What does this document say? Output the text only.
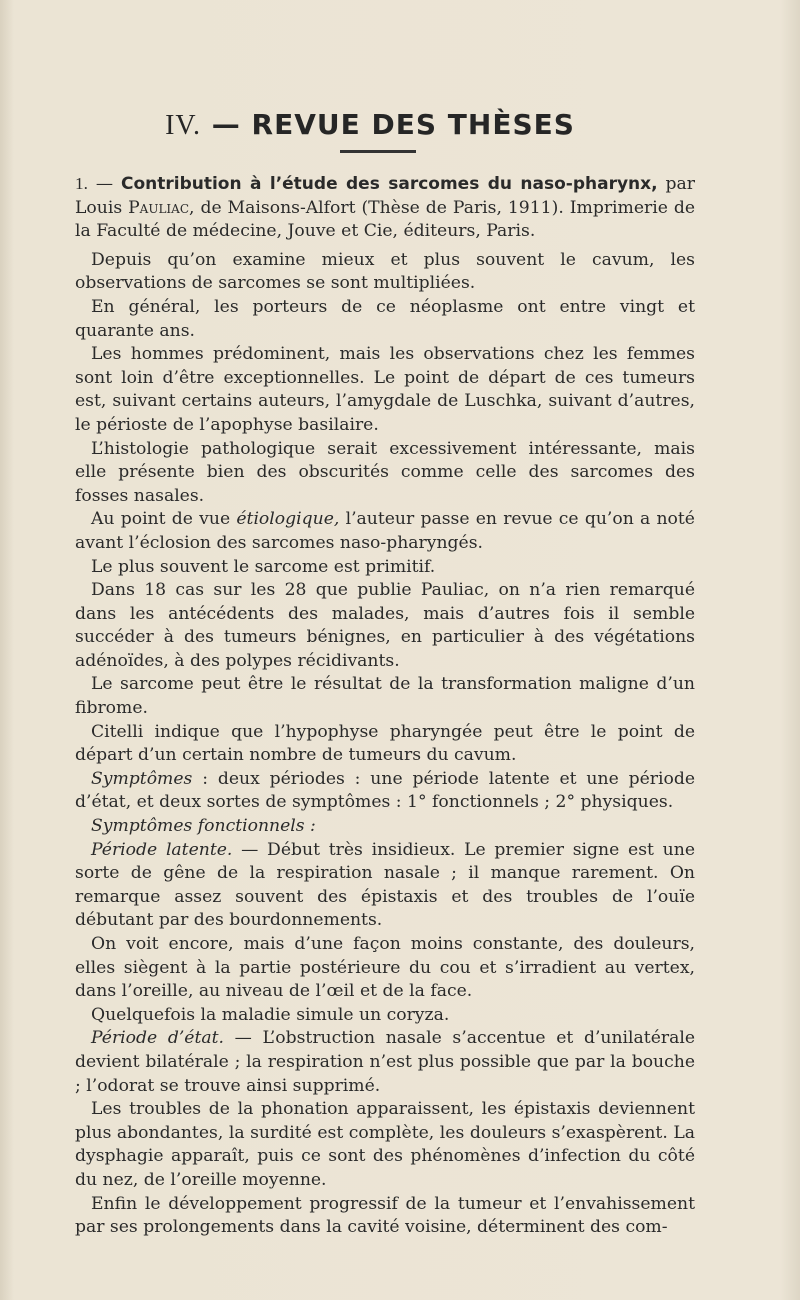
IV. — REVUE DES THÈSES

1. — Contribution à l’étude des sarcomes du naso-pharynx, par Louis Pauliac, de Maisons-Alfort (Thèse de Paris, 1911). Imprimerie de la Faculté de médecine, Jouve et Cie, éditeurs, Paris.

Depuis qu’on examine mieux et plus souvent le cavum, les observations de sarcomes se sont multipliées.

En général, les porteurs de ce néoplasme ont entre vingt et quarante ans.

Les hommes prédominent, mais les observations chez les femmes sont loin d’être exceptionnelles. Le point de départ de ces tumeurs est, suivant certains auteurs, l’amygdale de Luschka, suivant d’autres, le périoste de l’apophyse basilaire.

L’histologie pathologique serait excessivement intéressante, mais elle présente bien des obscurités comme celle des sarcomes des fosses nasales.

Au point de vue étiologique, l’auteur passe en revue ce qu’on a noté avant l’éclosion des sarcomes naso-pharyngés.

Le plus souvent le sarcome est primitif.

Dans 18 cas sur les 28 que publie Pauliac, on n’a rien remarqué dans les antécédents des malades, mais d’autres fois il semble succéder à des tumeurs bénignes, en particulier à des végétations adénoïdes, à des polypes récidivants.

Le sarcome peut être le résultat de la transformation maligne d’un fibrome.

Citelli indique que l’hypophyse pharyngée peut être le point de départ d’un certain nombre de tumeurs du cavum.

Symptômes : deux périodes : une période latente et une période d’état, et deux sortes de symptômes : 1° fonctionnels ; 2° physiques.

Symptômes fonctionnels :

Période latente. — Début très insidieux. Le premier signe est une sorte de gêne de la respiration nasale ; il manque rarement. On remarque assez souvent des épistaxis et des troubles de l’ouïe débutant par des bourdonnements.

On voit encore, mais d’une façon moins constante, des douleurs, elles siègent à la partie postérieure du cou et s’irradient au vertex, dans l’oreille, au niveau de l’œil et de la face.

Quelquefois la maladie simule un coryza.

Période d’état. — L’obstruction nasale s’accentue et d’unilatérale devient bilatérale ; la respiration n’est plus possible que par la bouche ; l’odorat se trouve ainsi supprimé.

Les troubles de la phonation apparaissent, les épistaxis deviennent plus abondantes, la surdité est complète, les douleurs s’exaspèrent. La dysphagie apparaît, puis ce sont des phénomènes d’infection du côté du nez, de l’oreille moyenne.

Enfin le développement progressif de la tumeur et l’envahissement par ses prolongements dans la cavité voisine, déterminent des com-
